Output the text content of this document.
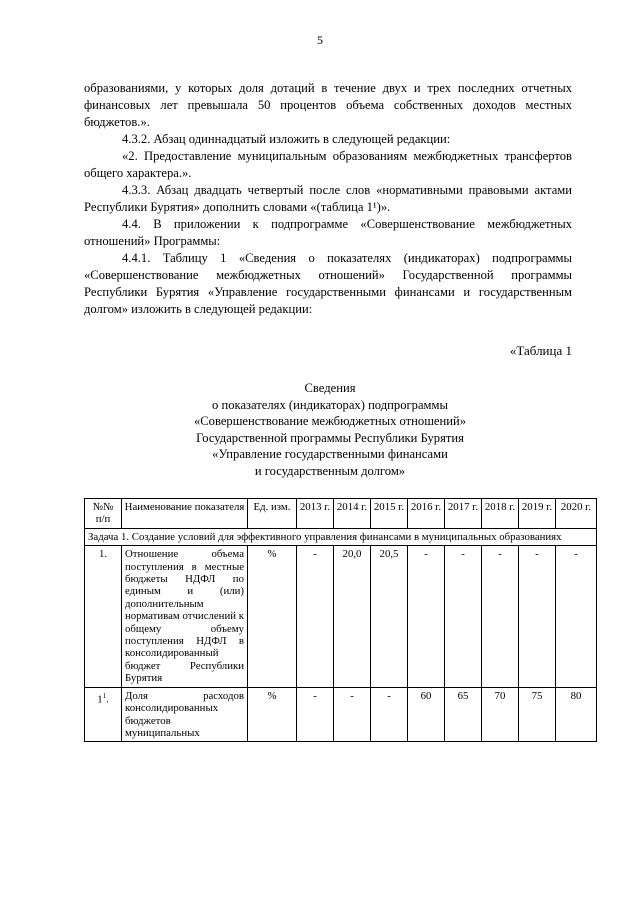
5

образованиями, у которых доля дотаций в течение двух и трех последних отчетных финансовых лет превышала 50 процентов объема собственных доходов местных бюджетов.».

4.3.2. Абзац одиннадцатый изложить в следующей редакции:

«2. Предоставление муниципальным образованиям межбюджетных трансфертов общего характера.».

4.3.3. Абзац двадцать четвертый после слов «нормативными правовыми актами Республики Бурятия» дополнить словами «(таблица 1¹)».

4.4. В приложении к подпрограмме «Совершенствование межбюджетных отношений» Программы:

4.4.1. Таблицу 1 «Сведения о показателях (индикаторах) подпрограммы «Совершенствование межбюджетных отношений» Государственной программы Республики Бурятия «Управление государственными финансами и государственным долгом» изложить в следующей редакции:

«Таблица 1
Сведения
о показателях (индикаторах) подпрограммы
«Совершенствование межбюджетных отношений»
Государственной программы Республики Бурятия
«Управление государственными финансами
и государственным долгом»
№№ п/п	Наименование показателя	Ед. изм.	2013 г.	2014 г.	2015 г.	2016 г.	2017 г.	2018 г.	2019 г.	2020 г.
Задача 1. Создание условий для эффективного управления финансами в муниципальных образованиях										
1.	Отношение объема поступления в местные бюджеты НДФЛ по единым и (или) дополнительным нормативам отчислений к общему объему поступления НДФЛ в консолидированный бюджет Республики Бурятия	%	-	20,0	20,5	-	-	-	-	-
$1^1$.	Доля расходов консолидированных бюджетов муниципальных	%	-	-	-	60	65	70	75	80
